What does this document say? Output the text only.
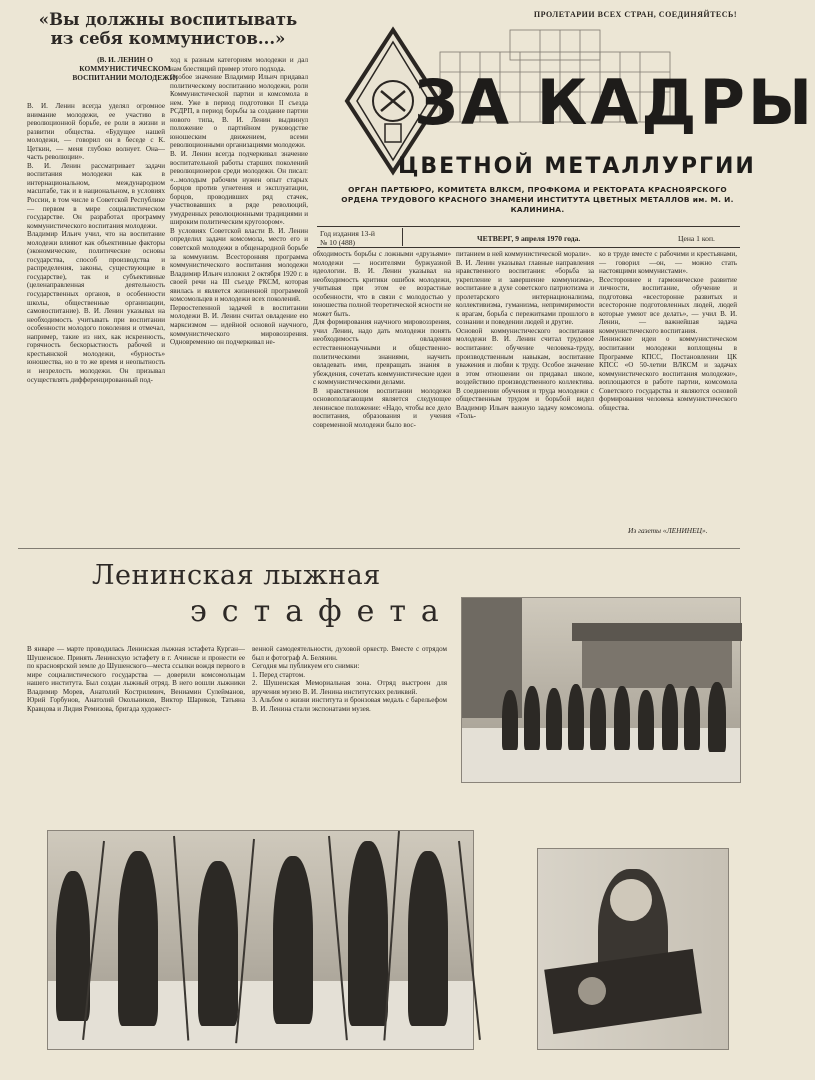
ПРОЛЕТАРИИ ВСЕХ СТРАН, СОЕДИНЯЙТЕСЬ!
ЗА КАДРЫ
ЦВЕТНОЙ МЕТАЛЛУРГИИ
ОРГАН ПАРТБЮРО, КОМИТЕТА ВЛКСМ, ПРОФКОМА И РЕКТОРАТА КРАСНОЯРСКОГО ОРДЕНА ТРУДОВОГО КРАСНОГО ЗНАМЕНИ ИНСТИТУТА ЦВЕТНЫХ МЕТАЛЛОВ им. М. И. КАЛИНИНА.
Год издания 13-й
№ 10 (488)	ЧЕТВЕРГ, 9 апреля 1970 года.	Цена 1 коп.
«Вы должны воспитывать из себя коммунистов...»
(В. И. ЛЕНИН О КОММУНИСТИЧЕСКОМ ВОСПИТАНИИ МОЛОДЕЖИ)
В. И. Ленин всегда уделял огромное внимание молодежи, ее участию в революционной борьбе, ее роли в жизни и развитии общества. «Будущее нашей молодежи, — говорил он в беседе с К. Цеткин, — меня глубоко волнует. Она—часть революции».
В. И. Ленин рассматривает задачи воспитания молодежи как в интернациональном, международном масштабе, так и в национальном, в условиях России, в том числе в Советской Республике — первом в мире социалистическом государстве. Он разработал программу коммунистического воспитания молодежи.
Владимир Ильич учил, что на воспитание молодежи влияют как объективные факторы (экономические, политические основы государства, способ производства и распределения, законы, существующие в государстве), так и субъективные (целенаправленная деятельность государственных органов, в особенности школы, общественные организации, самовоспитание). В. И. Ленин указывал на необходимость учитывать при воспитании особенности молодого поколения и отмечал, например, такие из них, как искренность, горячность бескорыстность рабочей и крестьянской молодежи, «бурность» юношества, но в то же время и неопытность и незрелость молодежи. Он призывал осуществлять дифференцированный под-
ход к разным категориям молодежи и дал нам блестящий пример этого подхода.
Особое значение Владимир Ильич придавал политическому воспитанию молодежи, роли Коммунистической партии и комсомола в нем. Уже в период подготовки II съезда РСДРП, в период борьбы за создание партии нового типа, В. И. Ленин выдвинул положение о партийном руководстве юношеским движением, всеми революционными организациями молодежи.
В. И. Ленин всегда подчеркивал значение воспитательной работы старших поколений революционеров среди молодежи. Он писал: «...молодым рабочим нужен опыт старых борцов против угнетения и эксплуатации, борцов, проводивших ряд стачек, участвовавших в ряде революций, умудренных революционными традициями и широким политическим кругозором».
В условиях Советской власти В. И. Ленин определил задачи комсомола, место его и советской молодежи в общенародной борьбе за коммунизм. Всесторонняя программа коммунистического воспитания молодежи Владимир Ильич изложил 2 октября 1920 г. в своей речи на III съезде РКСМ, которая явилась и является жизненной программой комсомольцев и молодежи всех поколений.
Первостепенной задачей в воспитании молодежи В. И. Ленин считал овладение ею марксизмом — идейной основой научного, коммунистического мировоззрения. Одновременно он подчеркивал не-
обходимость борьбы с ложными «друзьями» молодежи — носителями буржуазной идеологии. В. И. Ленин указывал на необходимость критики ошибок молодежи, учитывая при этом ее возрастные особенности, что в связи с молодостью у юношества полной теоретической ясности не может быть.
Для формирования научного мировоззрения, учил Ленин, надо дать молодежи понять необходимость овладения естественнонаучными и общественно-политическими знаниями, научить овладевать ими, превращать знания в убеждения, сочетать коммунистические идеи с коммунистическими делами.
В нравственном воспитании молодежи основополагающим является следующее ленинское положение: «Надо, чтобы все дело воспитания, образования и учения современной молодежи было вос-
питанием в ней коммунистической морали».
В. И. Ленин указывал главные направления нравственного воспитания: «борьба за укрепление и завершение коммунизма», воспитание в духе советского патриотизма и пролетарского интернационализма, коллективизма, гуманизма, непримиримости к врагам, борьба с пережитками прошлого в сознании и поведении людей и другие.
Основой коммунистического воспитания молодежи В. И. Ленин считал трудовое воспитание: обучение человека-труду, производственным навыкам, воспитание уважения и любви к труду. Особое значение в этом отношении он придавал школе, воздействию производственного коллектива. В соединении обучения и труда молодежи с общественным трудом и борьбой видел Владимир Ильич важную задачу комсомола. «Толь-
ко в труде вместе с рабочими и крестьянами, — говорил —он, — можно стать настоящими коммунистами».
Всестороннее и гармоническое развитие личности, воспитание, обучение и подготовка «всесторонне развитых и всесторонне подготовленных людей, людей которые умеют все делать», — учил В. И. Ленин, — важнейшая задача коммунистического воспитания.
Ленинские идеи о коммунистическом воспитании молодежи воплощены в Программе КПСС, Постановлении ЦК КПСС «О 50-летии ВЛКСМ и задачах коммунистического воспитания молодежи», воплощаются в работе партии, комсомола Советского государства и являются основой формирования человека коммунистического общества.
Из газеты «ЛЕНИНЕЦ».
Ленинская лыжная
эстафета
В январе — марте проводилась Ленинская лыжная эстафета Курган—Шушенское. Принять Ленинскую эстафету в г. Ачинске и пронести ее по красноярской земле до Шушенского—места ссылки вождя первого в мире социалистического государства — доверили комсомольцам нашего института. Был создан лыжный отряд. В него вошли лыжники Владимир Морев, Анатолий Кострилевич, Вениамин Сулейманов, Юрий Горбунов, Анатолий Окольников, Виктор Шариков, Татьяна Кравцова и Лидия Ремизова, бригада художест-
венной самодеятельности, духовой оркестр. Вместе с отрядом был и фотограф А. Белянин.
Сегодня мы публикуем его снимки:
1. Перед стартом.
2. Шушенская Мемориальная зона. Отряд выстроен для вручения музею В. И. Ленина институтских реликвий.
3. Альбом о жизни института и бронзовая медаль с барельефом В. И. Ленина стали экспонатами музея.
